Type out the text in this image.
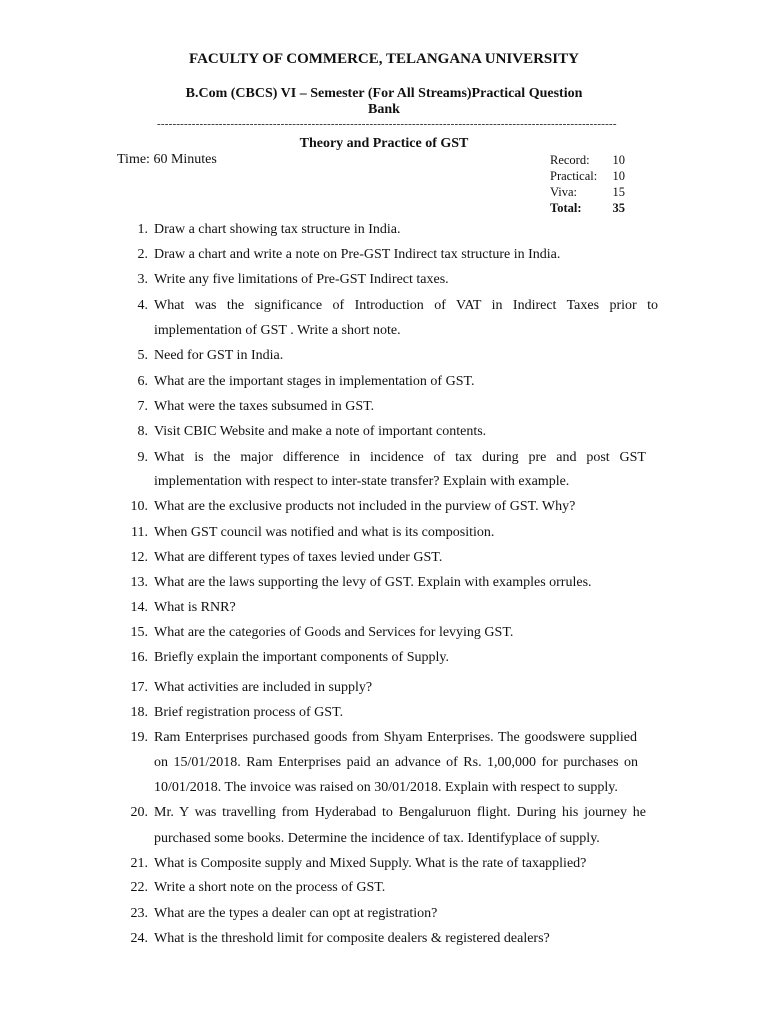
FACULTY OF COMMERCE, TELANGANA UNIVERSITY
B.Com (CBCS) VI – Semester (For All Streams)Practical Question
Bank
-----------------------------------------------------------------------------------------------------------------------
Theory and Practice of GST
Time: 60 Minutes	Record: 10
Practical: 10
Viva:	15
Total: 35
1. Draw a chart showing tax structure in India.
2. Draw a chart and write a note on Pre-GST Indirect tax structure in India.
3. Write any five limitations of Pre-GST Indirect taxes.
4. What was the significance of Introduction of VAT in Indirect Taxes prior to
implementation of GST . Write a short note.
5. Need for GST in India.
6. What are the important stages in implementation of GST.
7. What were the taxes subsumed in GST.
8. Visit CBIC Website and make a note of important contents.
9. What is the major difference in incidence of tax during pre and post GST
implementation with respect to inter-state transfer? Explain with example.
10. What are the exclusive products not included in the purview of GST. Why?
11. When GST council was notified and what is its composition.
12. What are different types of taxes levied under GST.
13. What are the laws supporting the levy of GST. Explain with examples orrules.
14. What is RNR?
15. What are the categories of Goods and Services for levying GST.
16. Briefly explain the important components of Supply.
17. What activities are included in supply?
18. Brief registration process of GST.
19. Ram Enterprises purchased goods from Shyam Enterprises. The goodswere supplied
on 15/01/2018. Ram Enterprises paid an advance of Rs. 1,00,000 for purchases on
10/01/2018. The invoice was raised on 30/01/2018. Explain with respect to supply.
20. Mr. Y was travelling from Hyderabad to Bengaluruon flight. During his journey he
purchased some books. Determine the incidence of tax. Identifyplace of supply.
21. What is Composite supply and Mixed Supply. What is the rate of taxapplied?
22. Write a short note on the process of GST.
23. What are the types a dealer can opt at registration?
24. What is the threshold limit for composite dealers & registered dealers?
